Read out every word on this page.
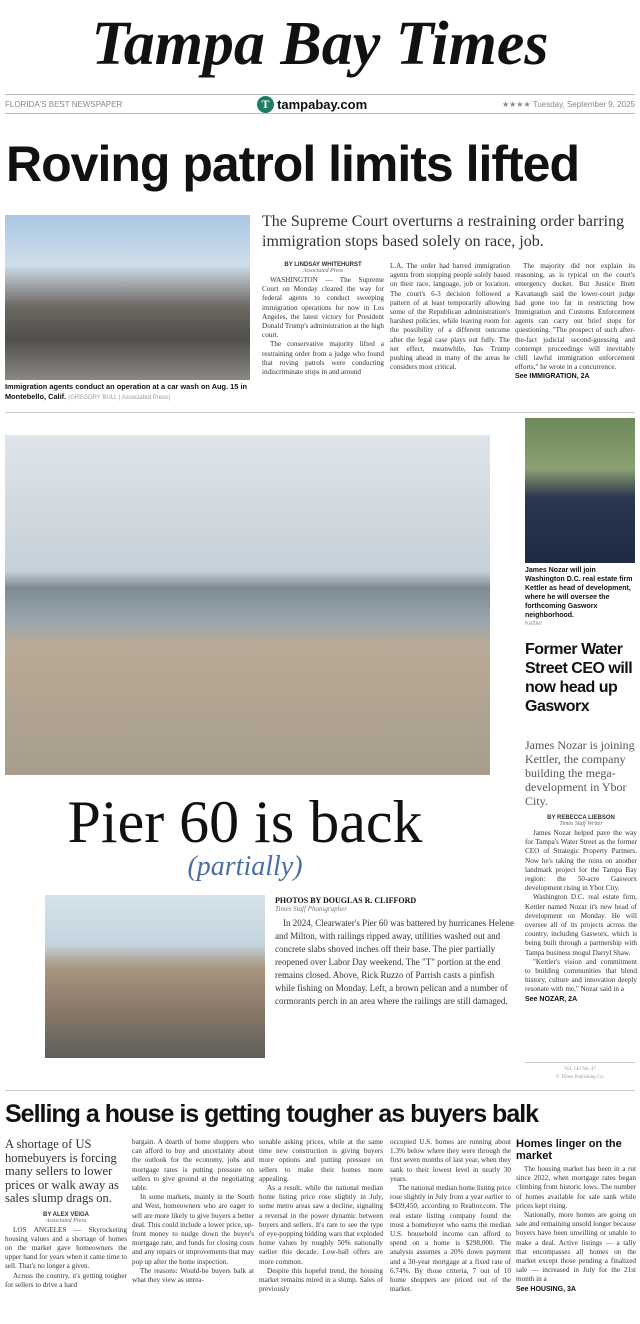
Tampa Bay Times
FLORIDA'S BEST NEWSPAPER	T tampabay.com	★★★★ Tuesday, September 9, 2025
Roving patrol limits lifted
Immigration agents conduct an operation at a car wash on Aug. 15 in Montebello, Calif. (GREGORY BULL | Associated Press)
The Supreme Court overturns a restraining order barring immigration stops based solely on race, job.
BY LINDSAY WHITEHURST
Associated Press

WASHINGTON — The Supreme Court on Monday cleared the way for federal agents to conduct sweeping immigration operations for now in Los Angeles, the latest victory for President Donald Trump's administration at the high court.

The conservative majority lifted a restraining order from a judge who found that roving patrols were conducting indiscriminate stops in and around

L.A. The order had barred immigration agents from stopping people solely based on their race, language, job or location. The court's 6-3 decision followed a pattern of at least temporarily allowing some of the Republican administration's harshest policies, while leaving room for the possibility of a different outcome after the legal case plays out fully. The net effect, meanwhile, has Trump pushing ahead in many of the areas he considers most critical.

The majority did not explain its reasoning, as is typical on the court's emergency docket. But Justice Brett Kavanaugh said the lower-court judge had gone too far in restricting how Immigration and Customs Enforcement agents can carry out brief stops for questioning. "The prospect of such after-the-fact judicial second-guessing and contempt proceedings will inevitably chill lawful immigration enforcement efforts," he wrote in a concurrence.

See IMMIGRATION, 2A
Pier 60 is back
(partially)
PHOTOS BY DOUGLAS R. CLIFFORD
Times Staff Photographer
In 2024, Clearwater's Pier 60 was battered by hurricanes Helene and Milton, with railings ripped away, utilities washed out and concrete slabs shoved inches off their base. The pier partially reopened over Labor Day weekend. The "T" portion at the end remains closed. Above, Rick Ruzzo of Parrish casts a pinfish while fishing on Monday. Left, a brown pelican and a number of cormorants perch in an area where the railings are still damaged.
James Nozar will join Washington D.C. real estate firm Kettler as head of development, where he will oversee the forthcoming Gasworx neighborhood.
Kettler
Former Water Street CEO will now head up Gasworx
James Nozar is joining Kettler, the company building the mega-development in Ybor City.
BY REBECCA LIEBSON
Times Staff Writer

James Nozar helped pave the way for Tampa's Water Street as the former CEO of Strategic Property Partners. Now he's taking the reins on another landmark project for the Tampa Bay region: the 50-acre Gasworx development rising in Ybor City.

Washington D.C. real estate firm, Kettler named Nozar it's new head of development on Monday. He will oversee all of its projects across the country, including Gasworx, which is being built through a partnership with Tampa business mogul Darryl Shaw.

"Kettler's vision and commitment to building communities that blend history, culture and innovation deeply resonate with me," Nozar said in a

See NOZAR, 2A
Vol. 142 No. 47
© Times Publishing Co.
Selling a house is getting tougher as buyers balk
A shortage of US homebuyers is forcing many sellers to lower prices or walk away as sales slump drags on.
BY ALEX VEIGA
Associated Press

LOS ANGELES — Skyrocketing housing values and a shortage of homes on the market gave homeowners the upper hand for years when it came time to sell. That's no longer a given.

Across the country, it's getting tougher for sellers to drive a hard

bargain. A dearth of home shoppers who can afford to buy and uncertainty about the outlook for the economy, jobs and mortgage rates is putting pressure on sellers to give ground at the negotiating table.

In some markets, mainly in the South and West, homeowners who are eager to sell are more likely to give buyers a better deal. This could include a lower price, up-front money to nudge down the buyer's mortgage rate, and funds for closing costs and any repairs or improvements that may pop up after the home inspection.

The reasons: Would-be buyers balk at what they view as unrea-

sonable asking prices, while at the same time new construction is giving buyers more options and putting pressure on sellers to make their homes more appealing.

As a result, while the national median home listing price rose slightly in July, some metro areas saw a decline, signaling a reversal in the power dynamic between buyers and sellers. It's rare to see the type of eye-popping bidding wars that exploded home values by roughly 50% nationally earlier this decade. Low-ball offers are more common.

Despite this hopeful trend, the housing market remains mired in a slump. Sales of previously

occupied U.S. homes are running about 1.3% below where they were through the first seven months of last year, when they sank to their lowest level in nearly 30 years.

The national median home listing price rose slightly in July from a year earlier to $439,450, according to Realtor.com. The real estate listing company found the most a homebuyer who earns the median U.S. household income can afford to spend on a home is $298,000. The analysis assumes a 20% down payment and a 30-year mortgage at a fixed rate of 6.74%. By those criteria, 7 out of 10 home shoppers are priced out of the market.

Homes linger on the market

The housing market has been in a rut since 2022, when mortgage rates began climbing from historic lows. The number of homes available for sale sank while prices kept rising.

Nationally, more homes are going on sale and remaining unsold longer because buyers have been unwilling or unable to make a deal. Active listings — a tally that encompasses all homes on the market except those pending a finalized sale — increased in July for the 21st month in a

See HOUSING, 3A
